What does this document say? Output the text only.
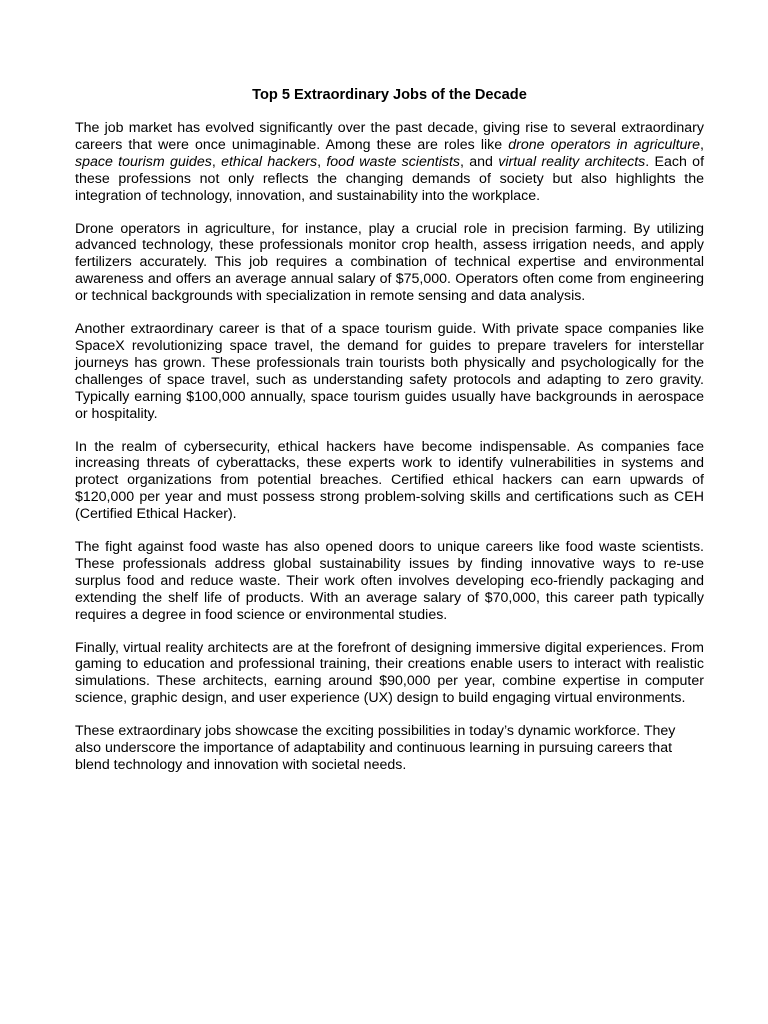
Top 5 Extraordinary Jobs of the Decade

The job market has evolved significantly over the past decade, giving rise to several extraordinary careers that were once unimaginable. Among these are roles like drone operators in agriculture, space tourism guides, ethical hackers, food waste scientists, and virtual reality architects. Each of these professions not only reflects the changing demands of society but also highlights the integration of technology, innovation, and sustainability into the workplace.

Drone operators in agriculture, for instance, play a crucial role in precision farming. By utilizing advanced technology, these professionals monitor crop health, assess irrigation needs, and apply fertilizers accurately. This job requires a combination of technical expertise and environmental awareness and offers an average annual salary of $75,000. Operators often come from engineering or technical backgrounds with specialization in remote sensing and data analysis.

Another extraordinary career is that of a space tourism guide. With private space companies like SpaceX revolutionizing space travel, the demand for guides to prepare travelers for interstellar journeys has grown. These professionals train tourists both physically and psychologically for the challenges of space travel, such as understanding safety protocols and adapting to zero gravity. Typically earning $100,000 annually, space tourism guides usually have backgrounds in aerospace or hospitality.

In the realm of cybersecurity, ethical hackers have become indispensable. As companies face increasing threats of cyberattacks, these experts work to identify vulnerabilities in systems and protect organizations from potential breaches. Certified ethical hackers can earn upwards of $120,000 per year and must possess strong problem-solving skills and certifications such as CEH (Certified Ethical Hacker).

The fight against food waste has also opened doors to unique careers like food waste scientists. These professionals address global sustainability issues by finding innovative ways to re-use surplus food and reduce waste. Their work often involves developing eco-friendly packaging and extending the shelf life of products. With an average salary of $70,000, this career path typically requires a degree in food science or environmental studies.

Finally, virtual reality architects are at the forefront of designing immersive digital experiences. From gaming to education and professional training, their creations enable users to interact with realistic simulations. These architects, earning around $90,000 per year, combine expertise in computer science, graphic design, and user experience (UX) design to build engaging virtual environments.

These extraordinary jobs showcase the exciting possibilities in today’s dynamic workforce. They also underscore the importance of adaptability and continuous learning in pursuing careers that blend technology and innovation with societal needs.
